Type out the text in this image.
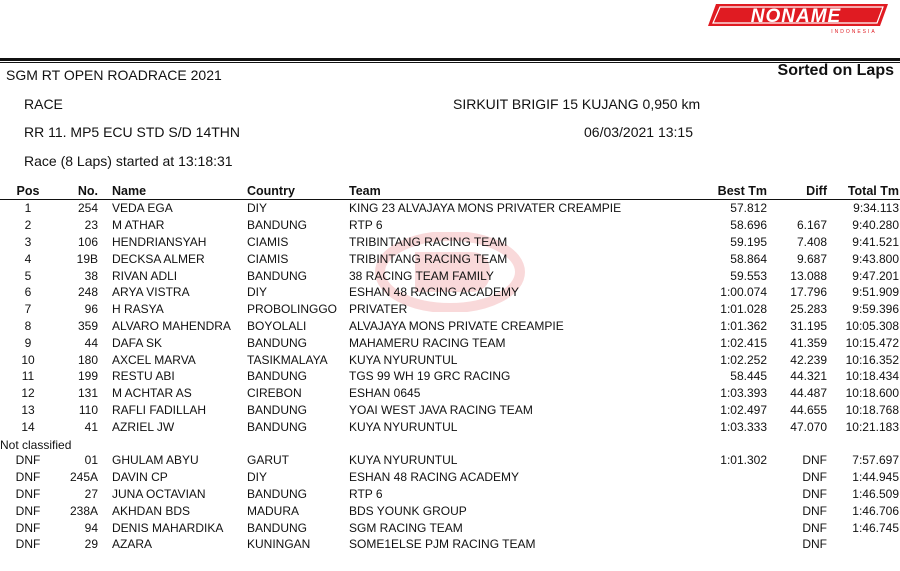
NONAME
INDONESIA
SGM RT OPEN ROADRACE 2021	Sorted on Laps
RACE	SIRKUIT BRIGIF 15 KUJANG 0,950 km
RR 11. MP5 ECU STD S/D 14THN	06/03/2021 13:15
Race (8 Laps) started at 13:18:31
Pos	No.	Name	Country	Team	Best Tm	Diff	Total Tm
1	254	VEDA EGA	DIY	KING 23 ALVAJAYA MONS PRIVATER CREAMPIE	57.812		9:34.113
2	23	M ATHAR	BANDUNG	RTP 6	58.696	6.167	9:40.280
3	106	HENDRIANSYAH	CIAMIS	TRIBINTANG RACING TEAM	59.195	7.408	9:41.521
4	19B	DECKSA ALMER	CIAMIS	TRIBINTANG RACING TEAM	58.864	9.687	9:43.800
5	38	RIVAN ADLI	BANDUNG	38 RACING TEAM FAMILY	59.553	13.088	9:47.201
6	248	ARYA VISTRA	DIY	ESHAN 48 RACING ACADEMY	1:00.074	17.796	9:51.909
7	96	H RASYA	PROBOLINGGO	PRIVATER	1:01.028	25.283	9:59.396
8	359	ALVARO MAHENDRA	BOYOLALI	ALVAJAYA MONS PRIVATE CREAMPIE	1:01.362	31.195	10:05.308
9	44	DAFA SK	BANDUNG	MAHAMERU RACING TEAM	1:02.415	41.359	10:15.472
10	180	AXCEL MARVA	TASIKMALAYA	KUYA NYURUNTUL	1:02.252	42.239	10:16.352
11	199	RESTU ABI	BANDUNG	TGS 99 WH 19 GRC RACING	58.445	44.321	10:18.434
12	131	M ACHTAR AS	CIREBON	ESHAN 0645	1:03.393	44.487	10:18.600
13	110	RAFLI FADILLAH	BANDUNG	YOAI WEST JAVA RACING TEAM	1:02.497	44.655	10:18.768
14	41	AZRIEL JW	BANDUNG	KUYA NYURUNTUL	1:03.333	47.070	10:21.183
Not classified							
DNF	01	GHULAM ABYU	GARUT	KUYA NYURUNTUL	1:01.302	DNF	7:57.697
DNF	245A	DAVIN CP	DIY	ESHAN 48 RACING ACADEMY		DNF	1:44.945
DNF	27	JUNA OCTAVIAN	BANDUNG	RTP 6		DNF	1:46.509
DNF	238A	AKHDAN BDS	MADURA	BDS YOUNK GROUP		DNF	1:46.706
DNF	94	DENIS MAHARDIKA	BANDUNG	SGM RACING TEAM		DNF	1:46.745
DNF	29	AZARA	KUNINGAN	SOME1ELSE PJM RACING TEAM		DNF	
